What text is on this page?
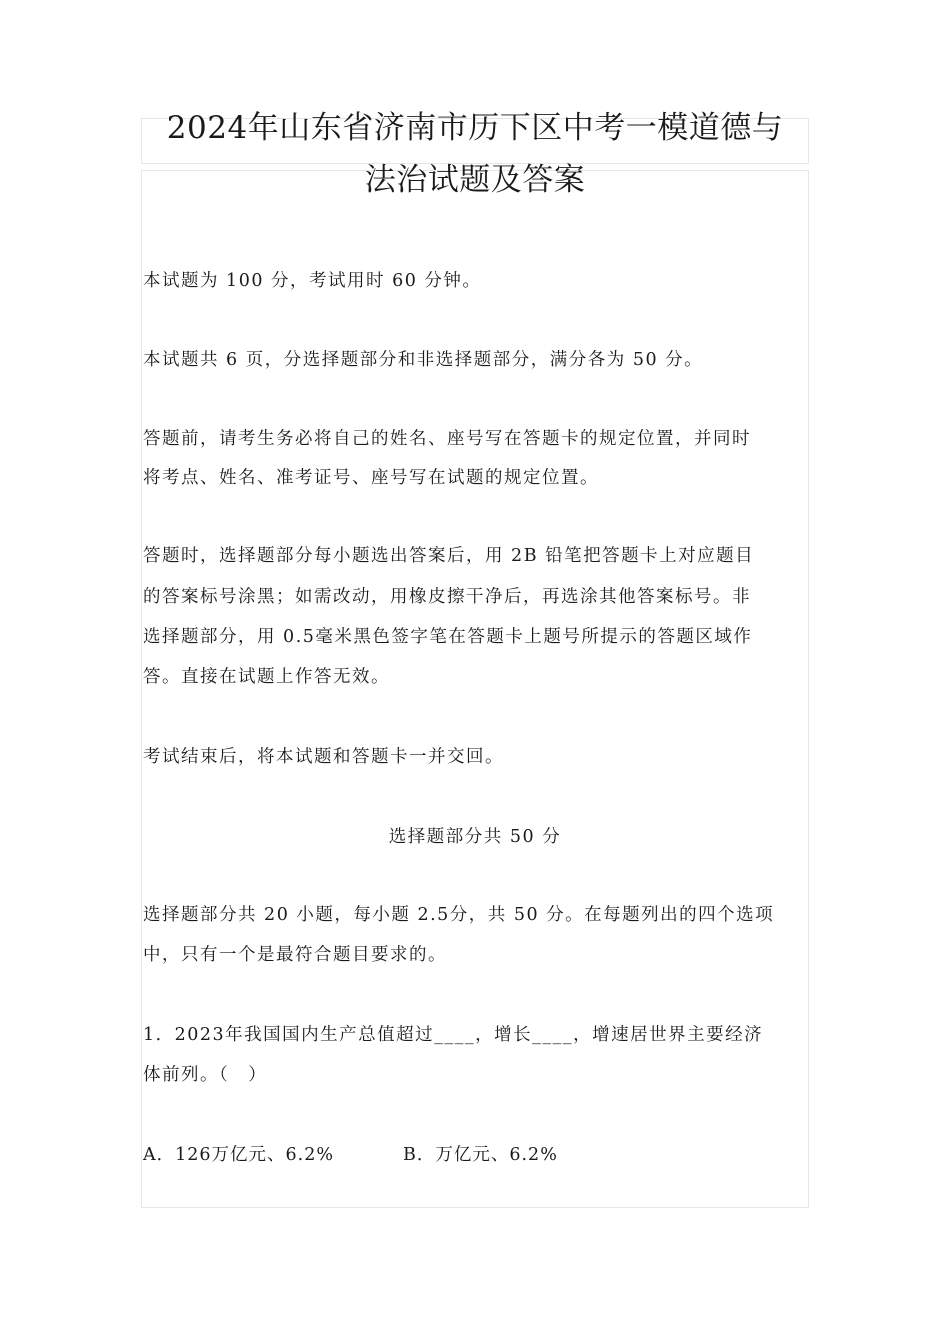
2024年山东省济南市历下区中考一模道德与
法治试题及答案

本试题为 100 分，考试用时 60 分钟。

本试题共 6 页，分选择题部分和非选择题部分，满分各为 50 分。

答题前，请考生务必将自己的姓名、座号写在答题卡的规定位置，并同时

将考点、姓名、准考证号、座号写在试题的规定位置。

答题时，选择题部分每小题选出答案后，用 2B 铅笔把答题卡上对应题目

的答案标号涂黑；如需改动，用橡皮擦干净后，再选涂其他答案标号。非

选择题部分，用 0.5毫米黑色签字笔在答题卡上题号所提示的答题区域作

答。直接在试题上作答无效。

考试结束后，将本试题和答题卡一并交回。

选择题部分共 50 分

选择题部分共 20 小题，每小题 2.5分，共 50 分。在每题列出的四个选项

中，只有一个是最符合题目要求的。

1．2023年我国国内生产总值超过____，增长____，增速居世界主要经济

体前列。（　）

A．126万亿元、6.2%	B．万亿元、6.2%
